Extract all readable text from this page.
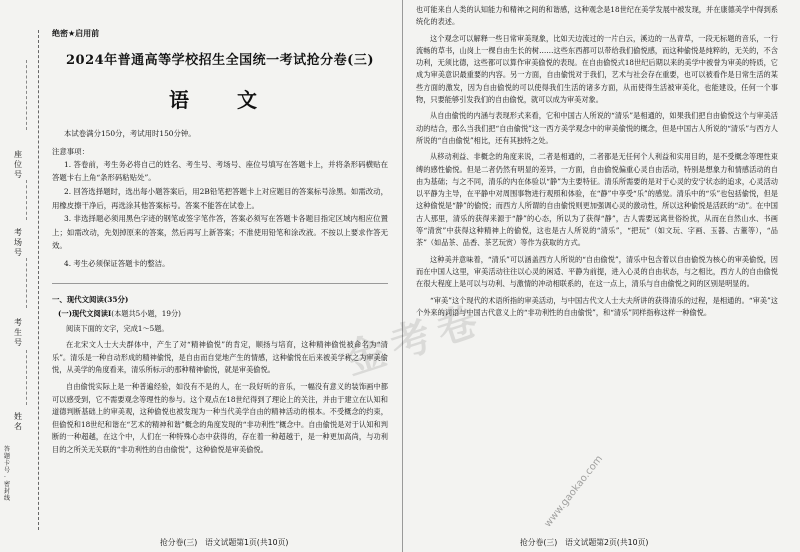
座位号
考场号
考生号
姓名
答题卡号·密封线
绝密★启用前
2024年普通高等学校招生全国统一考试抢分卷(三)
语　文

本试卷满分150分，考试用时150分钟。

注意事项：

1. 答卷前，考生务必将自己的姓名、考生号、考场号、座位号填写在答题卡上，并将条形码横贴在答题卡右上角“条形码粘贴处”。

2. 回答选择题时，选出每小题答案后，用2B铅笔把答题卡上对应题目的答案标号涂黑。如需改动，用橡皮擦干净后，再选涂其他答案标号。答案不能答在试卷上。

3. 非选择题必须用黑色字迹的钢笔或签字笔作答，答案必须写在答题卡各题目指定区域内相应位置上；如需改动，先划掉原来的答案，然后再写上新答案；不准使用铅笔和涂改液。不按以上要求作答无效。

4. 考生必须保证答题卡的整洁。

一、现代文阅读(35分)
(一)现代文阅读Ⅰ(本题共5小题，19分)

阅读下面的文字，完成1～5题。

在北宋文人士大夫群体中，产生了对“精神偷悦”的肯定，顺扬与培育，这种精神偷悦被命名为“清乐”。清乐是一种自动形成的精神偷悦，是自由而自觉地产生的情感，这种偷悦在后来被美学称之为审美偷悦，从美学的角度看来，清乐所标示的那种精神偷悦，就是审美偷悦。

自由偷悦实际上是一种普遍经验，如没有不是的人，在一段好听的音乐，一幅没有意义的装饰画中都可以感受到，它不需要观念等理性的参与。这个观点在18世纪得到了理论上的关注，并由于建立在认知和道德判断基础上的审美观，这种偷悦也被发现为一种当代美学自由的精神活动的根本。不受概念的约束，但偷悦和18世纪和谐在“艺术的精神和谐”概念的角度发现的“非功利性”概念中。自由偷悦是对于认知和判断的一种超越，在这个中，人们在一种特殊心态中获得的，存在着一种超越于，是一种更加高尚，与功利目的之所关无关联的“非功利性的自由偷悦”，这种偷悦是审美偷悦。

抢分卷(三)　语文试题第1页(共10页)

也可能来自人类的认知能力和精神之间的和谐感，这种观念是18世纪在美学发展中被发现，并在康德美学中得到系统化的表述。

这个观念可以解释一些日常审美现象，比如天边流过的一片白云，溪边的一丛青草，一段无标题的音乐，一行流畅的草书，山岗上一棵自由生长的树……这些东西都可以带给我们偷悦感，而这种偷悦是纯粹的，无关的，不含功利，无须比德，这些都可以算作审美偷悦的表现。在自由偷悦式18世纪后期以来的美学中被誉为审美的特质，它成为审美意识最重要的内容。另一方面，自由偷悦对于我们，艺术与社会存在重要，也可以被看作是日常生活的某些方面的激发，因为自由偷悦的可以使得我们生活的诸多方面，从而使得生活被审美化，也能建设，任何一个事物，只要能够引发我们的自由偷悦，就可以成为审美对象。

从自由偷悦的内涵与表现形式来看，它和中国古人所说的“清乐”是相通的，如果我们把自由偷悦这个与审美活动的结合，那么当我们把“自由偷悦”这一西方美学观念中的审美偷悦的概念，但是中国古人所说的“清乐”与西方人所说的“自由偷悦”相比，还有其独特之处。

从移动利益、非概念的角度来说，二者是相通的，二者都是无任何个人利益和实用目的，是不受概念等理性束缚的感性偷悦。但是二者仍然有明显的差异，一方面，自由偷悦偏重心灵自由活动，特别是想象力和情感活动的自由为基础；与之不同，清乐的内在体验以“静”为主要特征。清乐所需要的是对于心灵的安宁状态的追求，心灵活动以平静为主导，在平静中对周围事物进行观照和体验，在“静”中享受“乐”的感觉。清乐中的“乐”也包括偷悦，但是这种偷悦是“静”的偷悦；而西方人所谓的自由偷悦则更加强调心灵的激动性，所以这种偷悦是活跃的“动”。在中国古人那里，清乐的获得来源于“静”的心态，所以为了获得“静”，古人需要远离世俗纷扰，从而在自然山水、书画等“清赏”中获得这种精神上的偷悦，这也是古人所说的“清乐”，“把玩”（如文玩、字画、玉器、古董等），“品茶”（如品茶、品香、茶艺玩赏）等作为获取的方式。

这种美并意味着，“清乐”可以涵盖西方人所说的“自由偷悦”，清乐中包含着以自由偷悦为核心的审美偷悦，因而在中国人这里，审美活动往往以心灵的闲适、平静为前提，进入心灵的自由状态，与之相比，西方人的自由偷悦在很大程度上是可以与功利、与激情的冲动相联系的，在这一点上，清乐与自由偷悦之间的区别是明显的。

“审美”这个现代的术语所指的审美活动，与中国古代文人士大夫所讲的获得清乐的过程，是相通的。“审美”这个外来的词语与中国古代意义上的“非功利性的自由偷悦”，和“清乐”同样指称这样一种偷悦。

抢分卷(三)　语文试题第2页(共10页)
金考卷
www.gaokao.com
